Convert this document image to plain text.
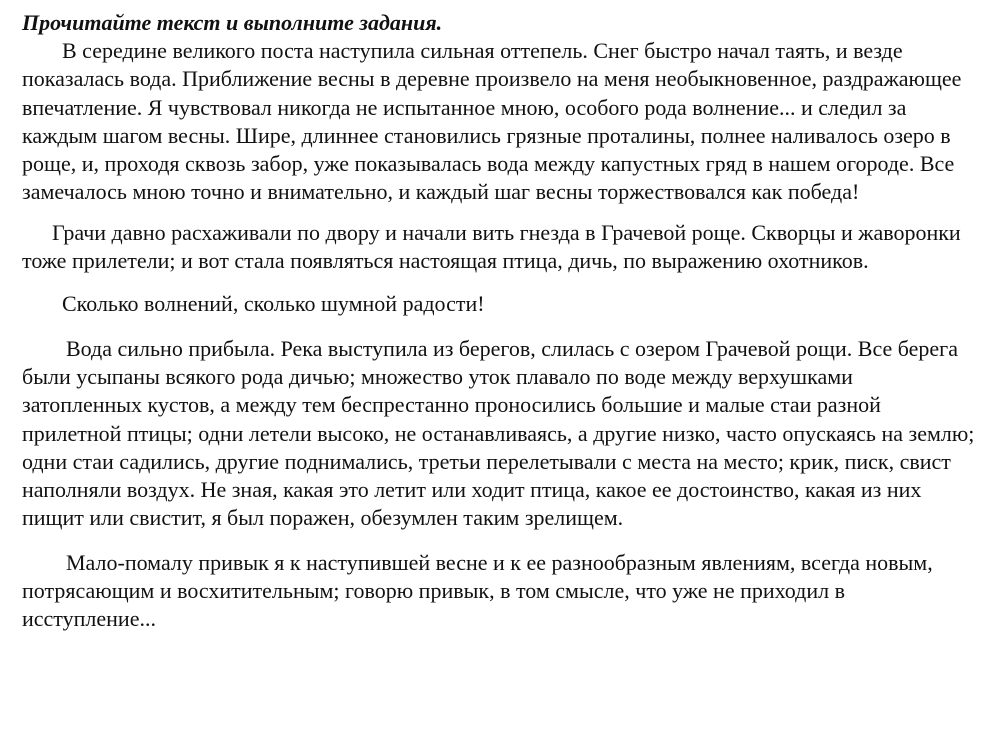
Прочитайте текст и выполните задания.

В середине великого поста наступила сильная оттепель. Снег быстро начал таять, и везде показалась вода. Приближение весны в деревне произвело на меня необыкновенное, раздражающее впечатление. Я чувствовал никогда не испытанное мною, особого рода волнение... и следил за каждым шагом весны. Шире, длиннее становились грязные проталины, полнее наливалось озеро в роще, и, проходя сквозь забор, уже показывалась вода между капустных гряд в нашем огороде. Все замечалось мною точно и внимательно, и каждый шаг весны торжествовался как победа!

Грачи давно расхаживали по двору и начали вить гнезда в Грачевой роще. Скворцы и жаворонки тоже прилетели; и вот стала появляться настоящая птица, дичь, по выражению охотников.

Сколько волнений, сколько шумной радости!

Вода сильно прибыла. Река выступила из берегов, слилась с озером Грачевой рощи. Все берега были усыпаны всякого рода дичью; множество уток плавало по воде между верхушками затопленных кустов, а между тем беспрестанно проносились большие и малые стаи разной прилетной птицы; одни летели высоко, не останавливаясь, а другие низко, часто опускаясь на землю; одни стаи садились, другие поднимались, третьи перелетывали с места на место; крик, писк, свист наполняли воздух. Не зная, какая это летит или ходит птица, какое ее достоинство, какая из них пищит или свистит, я был поражен, обезумлен таким зрелищем.

Мало-помалу привык я к наступившей весне и к ее разнообразным явлениям, всегда новым, потрясающим и восхитительным; говорю привык, в том смысле, что уже не приходил в исступление...
